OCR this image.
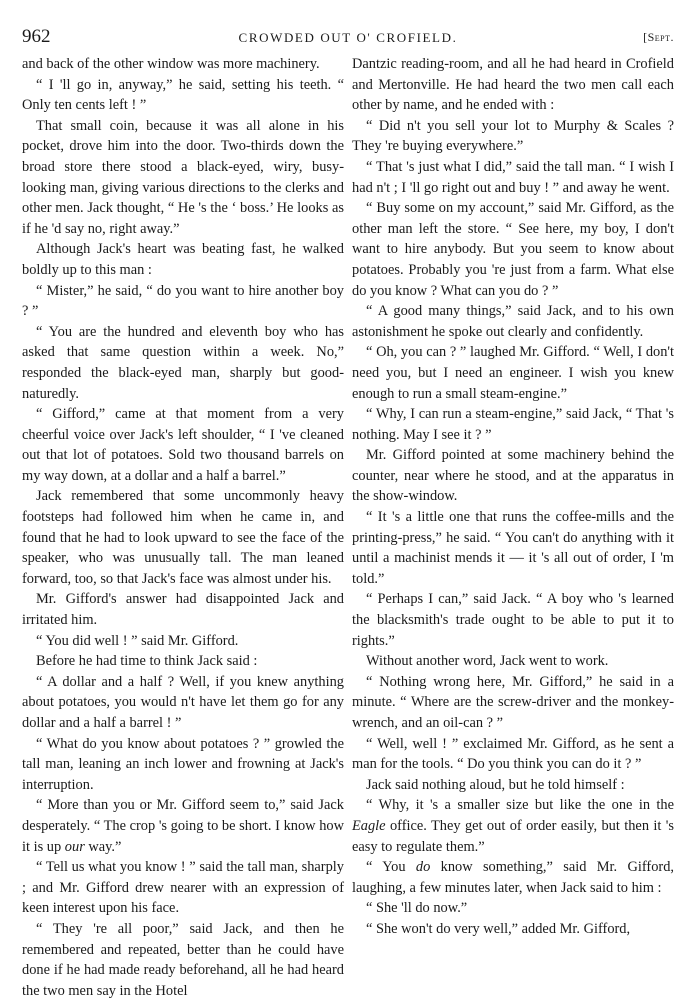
962	CROWDED OUT O' CROFIELD.	[Sept.

and back of the other window was more machinery.

“ I 'll go in, anyway,” he said, setting his teeth. “ Only ten cents left ! ”

That small coin, because it was all alone in his pocket, drove him into the door. Two-thirds down the broad store there stood a black-eyed, wiry, busy-looking man, giving various directions to the clerks and other men. Jack thought, “ He 's the ‘ boss.’ He looks as if he 'd say no, right away.”

Although Jack's heart was beating fast, he walked boldly up to this man :

“ Mister,” he said, “ do you want to hire another boy ? ”

“ You are the hundred and eleventh boy who has asked that same question within a week. No,” responded the black-eyed man, sharply but good-naturedly.

“ Gifford,” came at that moment from a very cheerful voice over Jack's left shoulder, “ I 've cleaned out that lot of potatoes. Sold two thousand barrels on my way down, at a dollar and a half a barrel.”

Jack remembered that some uncommonly heavy footsteps had followed him when he came in, and found that he had to look upward to see the face of the speaker, who was unusually tall. The man leaned forward, too, so that Jack's face was almost under his.

Mr. Gifford's answer had disappointed Jack and irritated him.

“ You did well ! ” said Mr. Gifford.

Before he had time to think Jack said :

“ A dollar and a half ? Well, if you knew anything about potatoes, you would n't have let them go for any dollar and a half a barrel ! ”

“ What do you know about potatoes ? ” growled the tall man, leaning an inch lower and frowning at Jack's interruption.

“ More than you or Mr. Gifford seem to,” said Jack desperately. “ The crop 's going to be short. I know how it is up our way.”

“ Tell us what you know ! ” said the tall man, sharply ; and Mr. Gifford drew nearer with an expression of keen interest upon his face.

“ They 're all poor,” said Jack, and then he remembered and repeated, better than he could have done if he had made ready beforehand, all he had heard the two men say in the Hotel

Dantzic reading-room, and all he had heard in Crofield and Mertonville. He had heard the two men call each other by name, and he ended with :

“ Did n't you sell your lot to Murphy & Scales ? They 're buying everywhere.”

“ That 's just what I did,” said the tall man. “ I wish I had n't ; I 'll go right out and buy ! ” and away he went.

“ Buy some on my account,” said Mr. Gifford, as the other man left the store. “ See here, my boy, I don't want to hire anybody. But you seem to know about potatoes. Probably you 're just from a farm. What else do you know ? What can you do ? ”

“ A good many things,” said Jack, and to his own astonishment he spoke out clearly and confidently.

“ Oh, you can ? ” laughed Mr. Gifford. “ Well, I don't need you, but I need an engineer. I wish you knew enough to run a small steam-engine.”

“ Why, I can run a steam-engine,” said Jack, “ That 's nothing. May I see it ? ”

Mr. Gifford pointed at some machinery behind the counter, near where he stood, and at the apparatus in the show-window.

“ It 's a little one that runs the coffee-mills and the printing-press,” he said. “ You can't do anything with it until a machinist mends it — it 's all out of order, I 'm told.”

“ Perhaps I can,” said Jack. “ A boy who 's learned the blacksmith's trade ought to be able to put it to rights.”

Without another word, Jack went to work.

“ Nothing wrong here, Mr. Gifford,” he said in a minute. “ Where are the screw-driver and the monkey-wrench, and an oil-can ? ”

“ Well, well ! ” exclaimed Mr. Gifford, as he sent a man for the tools. “ Do you think you can do it ? ”

Jack said nothing aloud, but he told himself :

“ Why, it 's a smaller size but like the one in the Eagle office. They get out of order easily, but then it 's easy to regulate them.”

“ You do know something,” said Mr. Gifford, laughing, a few minutes later, when Jack said to him :

“ She 'll do now.”

“ She won't do very well,” added Mr. Gifford,
